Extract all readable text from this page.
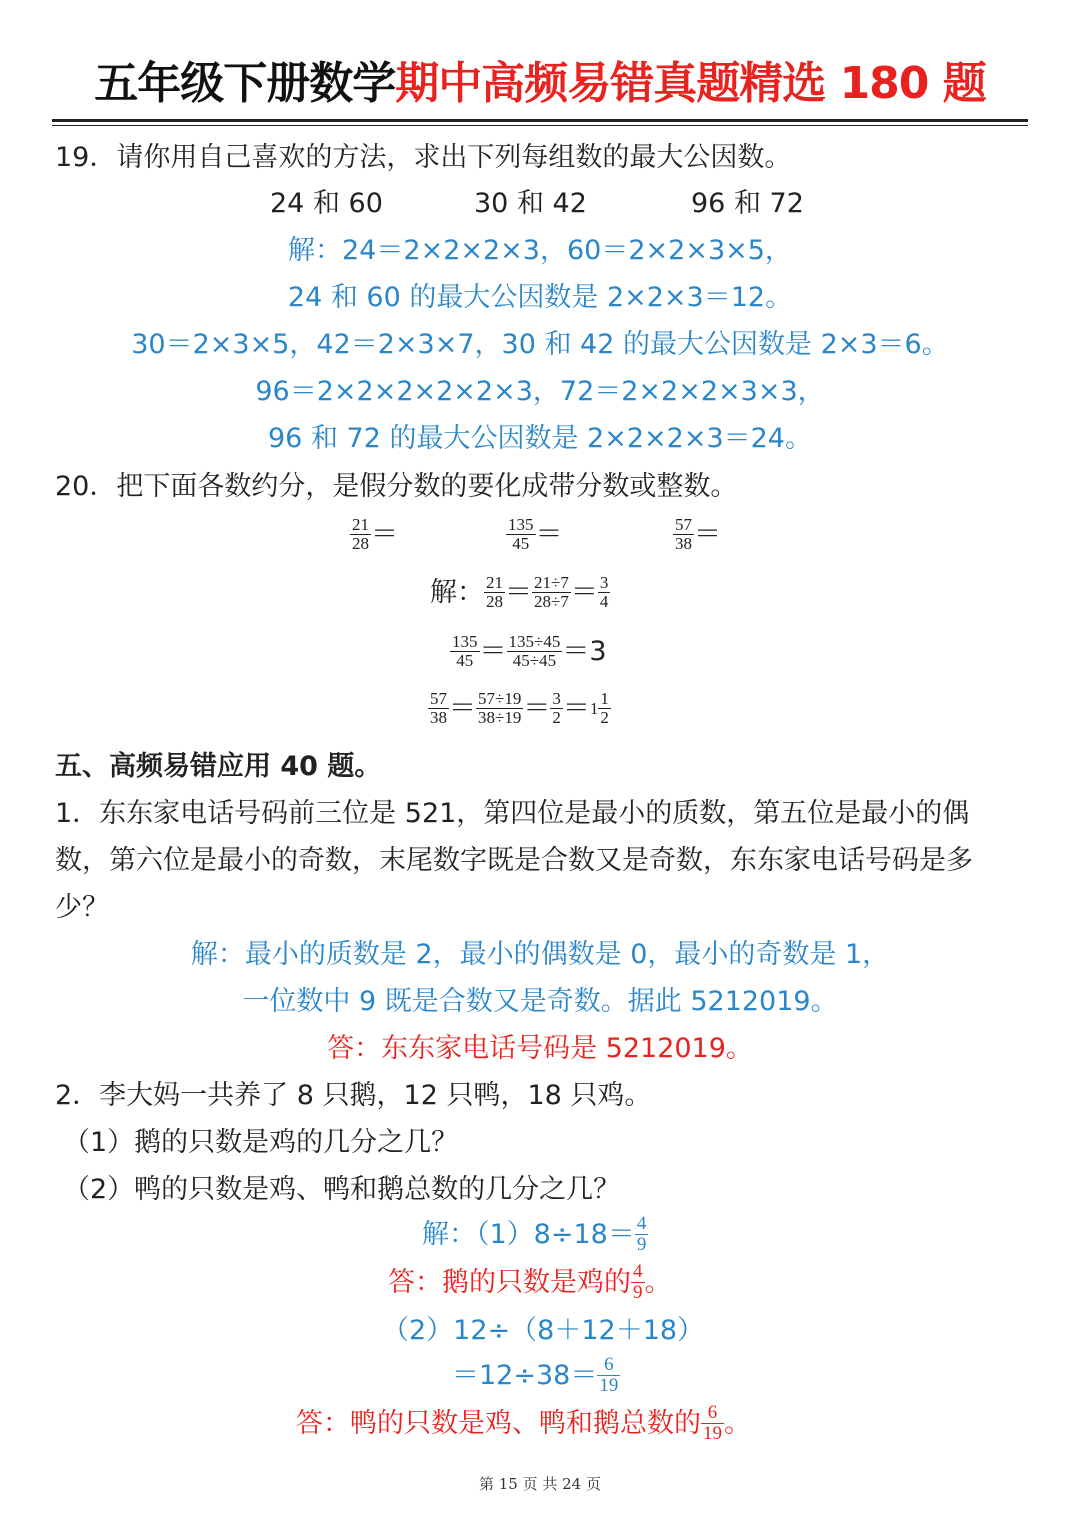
五年级下册数学期中高频易错真题精选 180 题
19．请你用自己喜欢的方法，求出下列每组数的最大公因数。
24 和 60	30 和 42	96 和 72
解：24＝2×2×2×3，60＝2×2×3×5，
24 和 60 的最大公因数是 2×2×3＝12。
30＝2×3×5，42＝2×3×7，30 和 42 的最大公因数是 2×3＝6。
96＝2×2×2×2×2×3，72＝2×2×2×3×3，
96 和 72 的最大公因数是 2×2×2×3＝24。
20．把下面各数约分，是假分数的要化成带分数或整数。
$\frac{21}{28}$ ＝	$\frac{135}{45}$ ＝	$\frac{57}{38}$ ＝
解： $\frac{21}{28} = \frac{21\div 7}{28\div 7} = \frac{3}{4}$
$\frac{135}{45} = \frac{135\div 45}{45\div 45} =3$
$\frac{57}{38} = \frac{57\div 19}{38\div 19} = \frac{3}{2} =1 \frac{1}{2}$
五、高频易错应用 40 题。
1．东东家电话号码前三位是 521，第四位是最小的质数，第五位是最小的偶
数，第六位是最小的奇数，末尾数字既是合数又是奇数，东东家电话号码是多
少？
解：最小的质数是 2，最小的偶数是 0，最小的奇数是 1，
一位数中 9 既是合数又是奇数。据此 5212019。
答：东东家电话号码是 5212019。
2．李大妈一共养了 8 只鹅，12 只鸭，18 只鸡。
（1）鹅的只数是鸡的几分之几？
（2）鸭的只数是鸡、鸭和鹅总数的几分之几？
解：$(1)8\div 18= \frac{4}{9}$
答：鹅的只数是鸡的 $\frac{4}{9}$ 。
（2）12÷（8＋12＋18）
$=12\div 38= \frac{6}{19}$
答：鸭的只数是鸡、鸭和鹅总数的 $\frac{6}{19}$ 。
第 15 页 共 24 页
